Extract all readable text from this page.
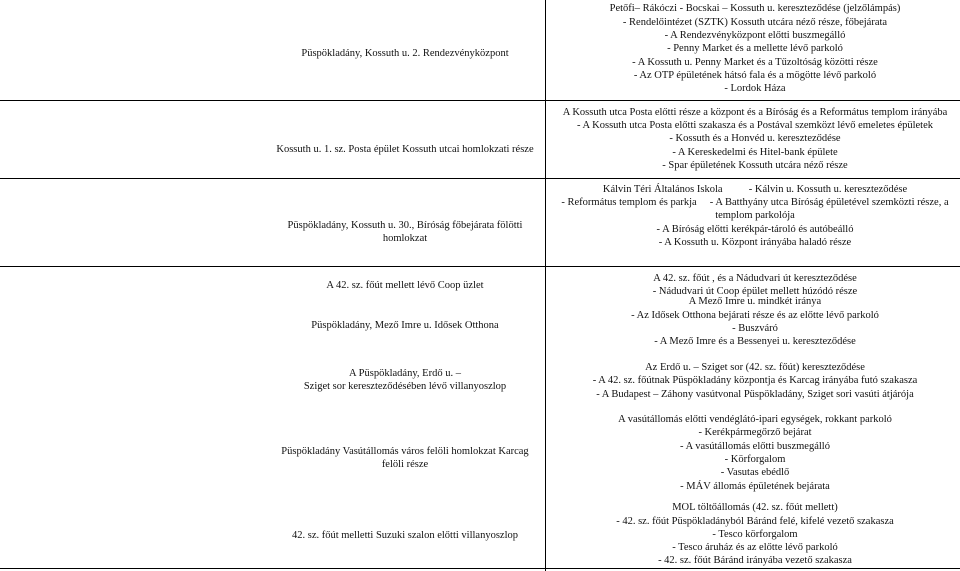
Püspökladány, Kossuth u. 2. Rendezvényközpont
Petőfi– Rákóczi - Bocskai – Kossuth u. kereszteződése (jelzőlámpás)
- Rendelőintézet (SZTK) Kossuth utcára néző része, főbejárata
- A Rendezvényközpont előtti buszmegálló
- Penny Market és a mellette lévő parkoló
- A Kossuth u. Penny Market és a Tűzoltóság közötti része
- Az OTP épületének hátsó fala és a mögötte lévő parkoló
- Lordok Háza
Kossuth u. 1. sz. Posta épület Kossuth utcai homlokzati része
A Kossuth utca Posta előtti része a központ és a Bíróság és a Református templom irányába
- A Kossuth utca Posta előtti szakasza és a Postával szemközt lévő emeletes épületek
- Kossuth és a Honvéd u. kereszteződése
- A Kereskedelmi és Hitel-bank épülete
- Spar épületének Kossuth utcára néző része
Püspökladány, Kossuth u. 30., Bíróság főbejárata fölötti
homlokzat
Kálvin Téri Általános Iskola          - Kálvin u. Kossuth u. kereszteződése
- Református templom és parkja     - A Batthyány utca Bíróság épületével szemközti része, a
templom parkolója
- A Bíróság előtti kerékpár-tároló és autóbeálló
- A Kossuth u. Központ irányába haladó része
A 42. sz. főút mellett lévő Coop üzlet
A 42. sz. főút , és a Nádudvari út kereszteződése
- Nádudvari út Coop épület mellett húzódó része
Püspökladány, Mező Imre u. Idősek Otthona
A Mező Imre u. mindkét iránya
- Az Idősek Otthona bejárati része és az előtte lévő parkoló
- Buszváró
- A Mező Imre és a Bessenyei u. kereszteződése
A Püspökladány, Erdő u. –
Sziget sor kereszteződésében lévő villanyoszlop
Az Erdő u. – Sziget sor (42. sz. főút) kereszteződése
- A 42. sz. főútnak Püspökladány központja és Karcag irányába futó szakasza
- A Budapest – Záhony vasútvonal Püspökladány, Sziget sori vasúti átjárója
Püspökladány Vasútállomás város felöli homlokzat Karcag
felöli része
A vasútállomás előtti vendéglátó-ipari egységek, rokkant parkoló
- Kerékpármegőrző bejárat
- A vasútállomás előtti buszmegálló
- Körforgalom
- Vasutas ebédlő
- MÁV állomás épületének bejárata
42. sz. főút melletti Suzuki szalon előtti villanyoszlop
MOL töltőállomás (42. sz. főút mellett)
- 42. sz. főút Püspökladányból Báránd felé, kifelé vezető szakasza
- Tesco körforgalom
- Tesco áruház és az előtte lévő parkoló
- 42. sz. főút Báránd irányába vezető szakasza
